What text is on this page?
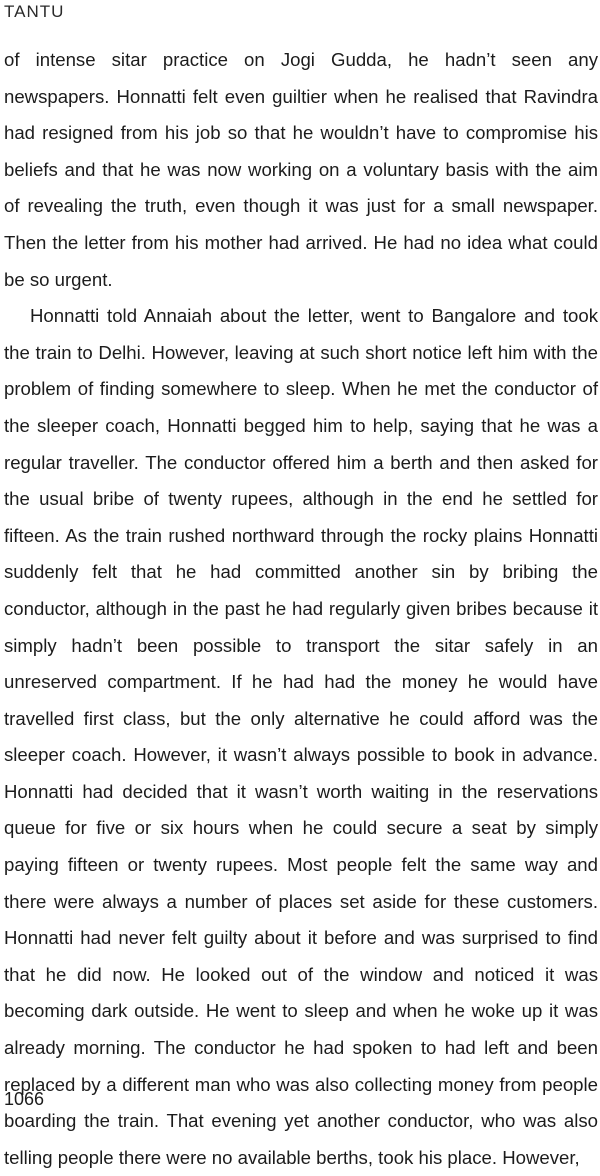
TANTU

of intense sitar practice on Jogi Gudda, he hadn’t seen any newspapers. Honnatti felt even guiltier when he realised that Ravindra had resigned from his job so that he wouldn’t have to compromise his beliefs and that he was now working on a voluntary basis with the aim of revealing the truth, even though it was just for a small newspaper. Then the letter from his mother had arrived. He had no idea what could be so urgent.

Honnatti told Annaiah about the letter, went to Bangalore and took the train to Delhi. However, leaving at such short notice left him with the problem of finding somewhere to sleep. When he met the conductor of the sleeper coach, Honnatti begged him to help, saying that he was a regular traveller. The conductor offered him a berth and then asked for the usual bribe of twenty rupees, although in the end he settled for fifteen. As the train rushed northward through the rocky plains Honnatti suddenly felt that he had committed another sin by bribing the conductor, although in the past he had regularly given bribes because it simply hadn’t been possible to transport the sitar safely in an unreserved compartment. If he had had the money he would have travelled first class, but the only alternative he could afford was the sleeper coach. However, it wasn’t always possible to book in advance. Honnatti had decided that it wasn’t worth waiting in the reservations queue for five or six hours when he could secure a seat by simply paying fifteen or twenty rupees. Most people felt the same way and there were always a number of places set aside for these customers. Honnatti had never felt guilty about it before and was surprised to find that he did now. He looked out of the window and noticed it was becoming dark outside. He went to sleep and when he woke up it was already morning. The conductor he had spoken to had left and been replaced by a different man who was also collecting money from people boarding the train. That evening yet another conductor, who was also telling people there were no available berths, took his place. However,

1066
